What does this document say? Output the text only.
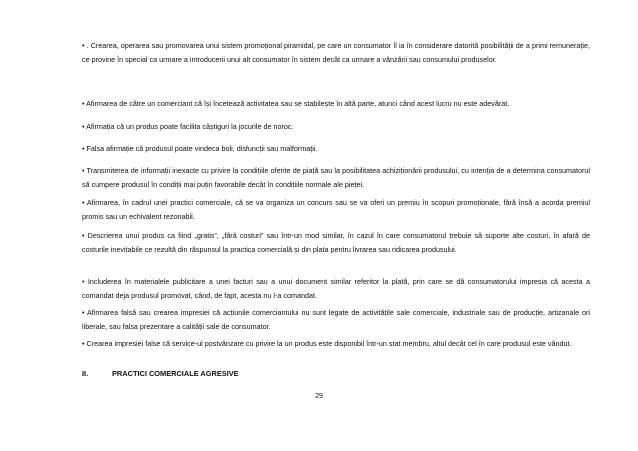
• . Crearea, operarea sau promovarea unui sistem promoțional piramidal, pe care un consumator îl ia în considerare datorită posibilității de a primi remunerație, ce provine în special ca urmare a introducerii unui alt consumator în sistem decât ca urmare a vânzării sau consumului produselor.

• Afirmarea de către un comerciant că își încetează activitatea sau se stabilește în altă parte, atunci când acest lucru nu este adevărat.

• Afirmația că un produs poate facilita câștiguri la jocurile de noroc.

• Falsa afirmație că produsul poate vindeca boli, disfuncții sau malformații.

• Transmiterea de informații inexacte cu privire la condițiile oferite de piață sau la posibilitatea achiziționării produsului, cu intenția de a determina consumatorul să cumpere produsul în condiții mai puțin favorabile decât în condițiile normale ale pieței.

• Afirmarea, în cadrul unei practici comerciale, că se va organiza un concurs sau se va oferi un premiu în scopuri promoționale, fără însă a acorda premiul promis sau un echivalent rezonabil.

• Descrierea unui produs ca fiind „gratis”, „fără costuri” sau într-un mod similar, în cazul în care consumatorul trebuie să suporte alte costuri, în afară de costurile inevitabile ce rezultă din răspunsul la practica comercială și din plata pentru livrarea sau ridicarea produsului.

• Includerea în materialele publicitare a unei facturi sau a unui document similar referitor la plată, prin care se dă consumatorului impresia că acesta a comandat deja produsul promovat, când, de fapt, acesta nu l-a comandat.

• Afirmarea falsă sau crearea impresiei că acțiunile comerciantului nu sunt legate de activitățile sale comerciale, industriale sau de producție, artizanale ori liberale, sau falsa prezentare a calității sale de consumator.

• Crearea impresiei false că service-ul postvânzare cu privire la un produs este disponibil într-un stat membru, altul decât cel în care produsul este vândut.

II.	PRACTICI COMERCIALE AGRESIVE
29
